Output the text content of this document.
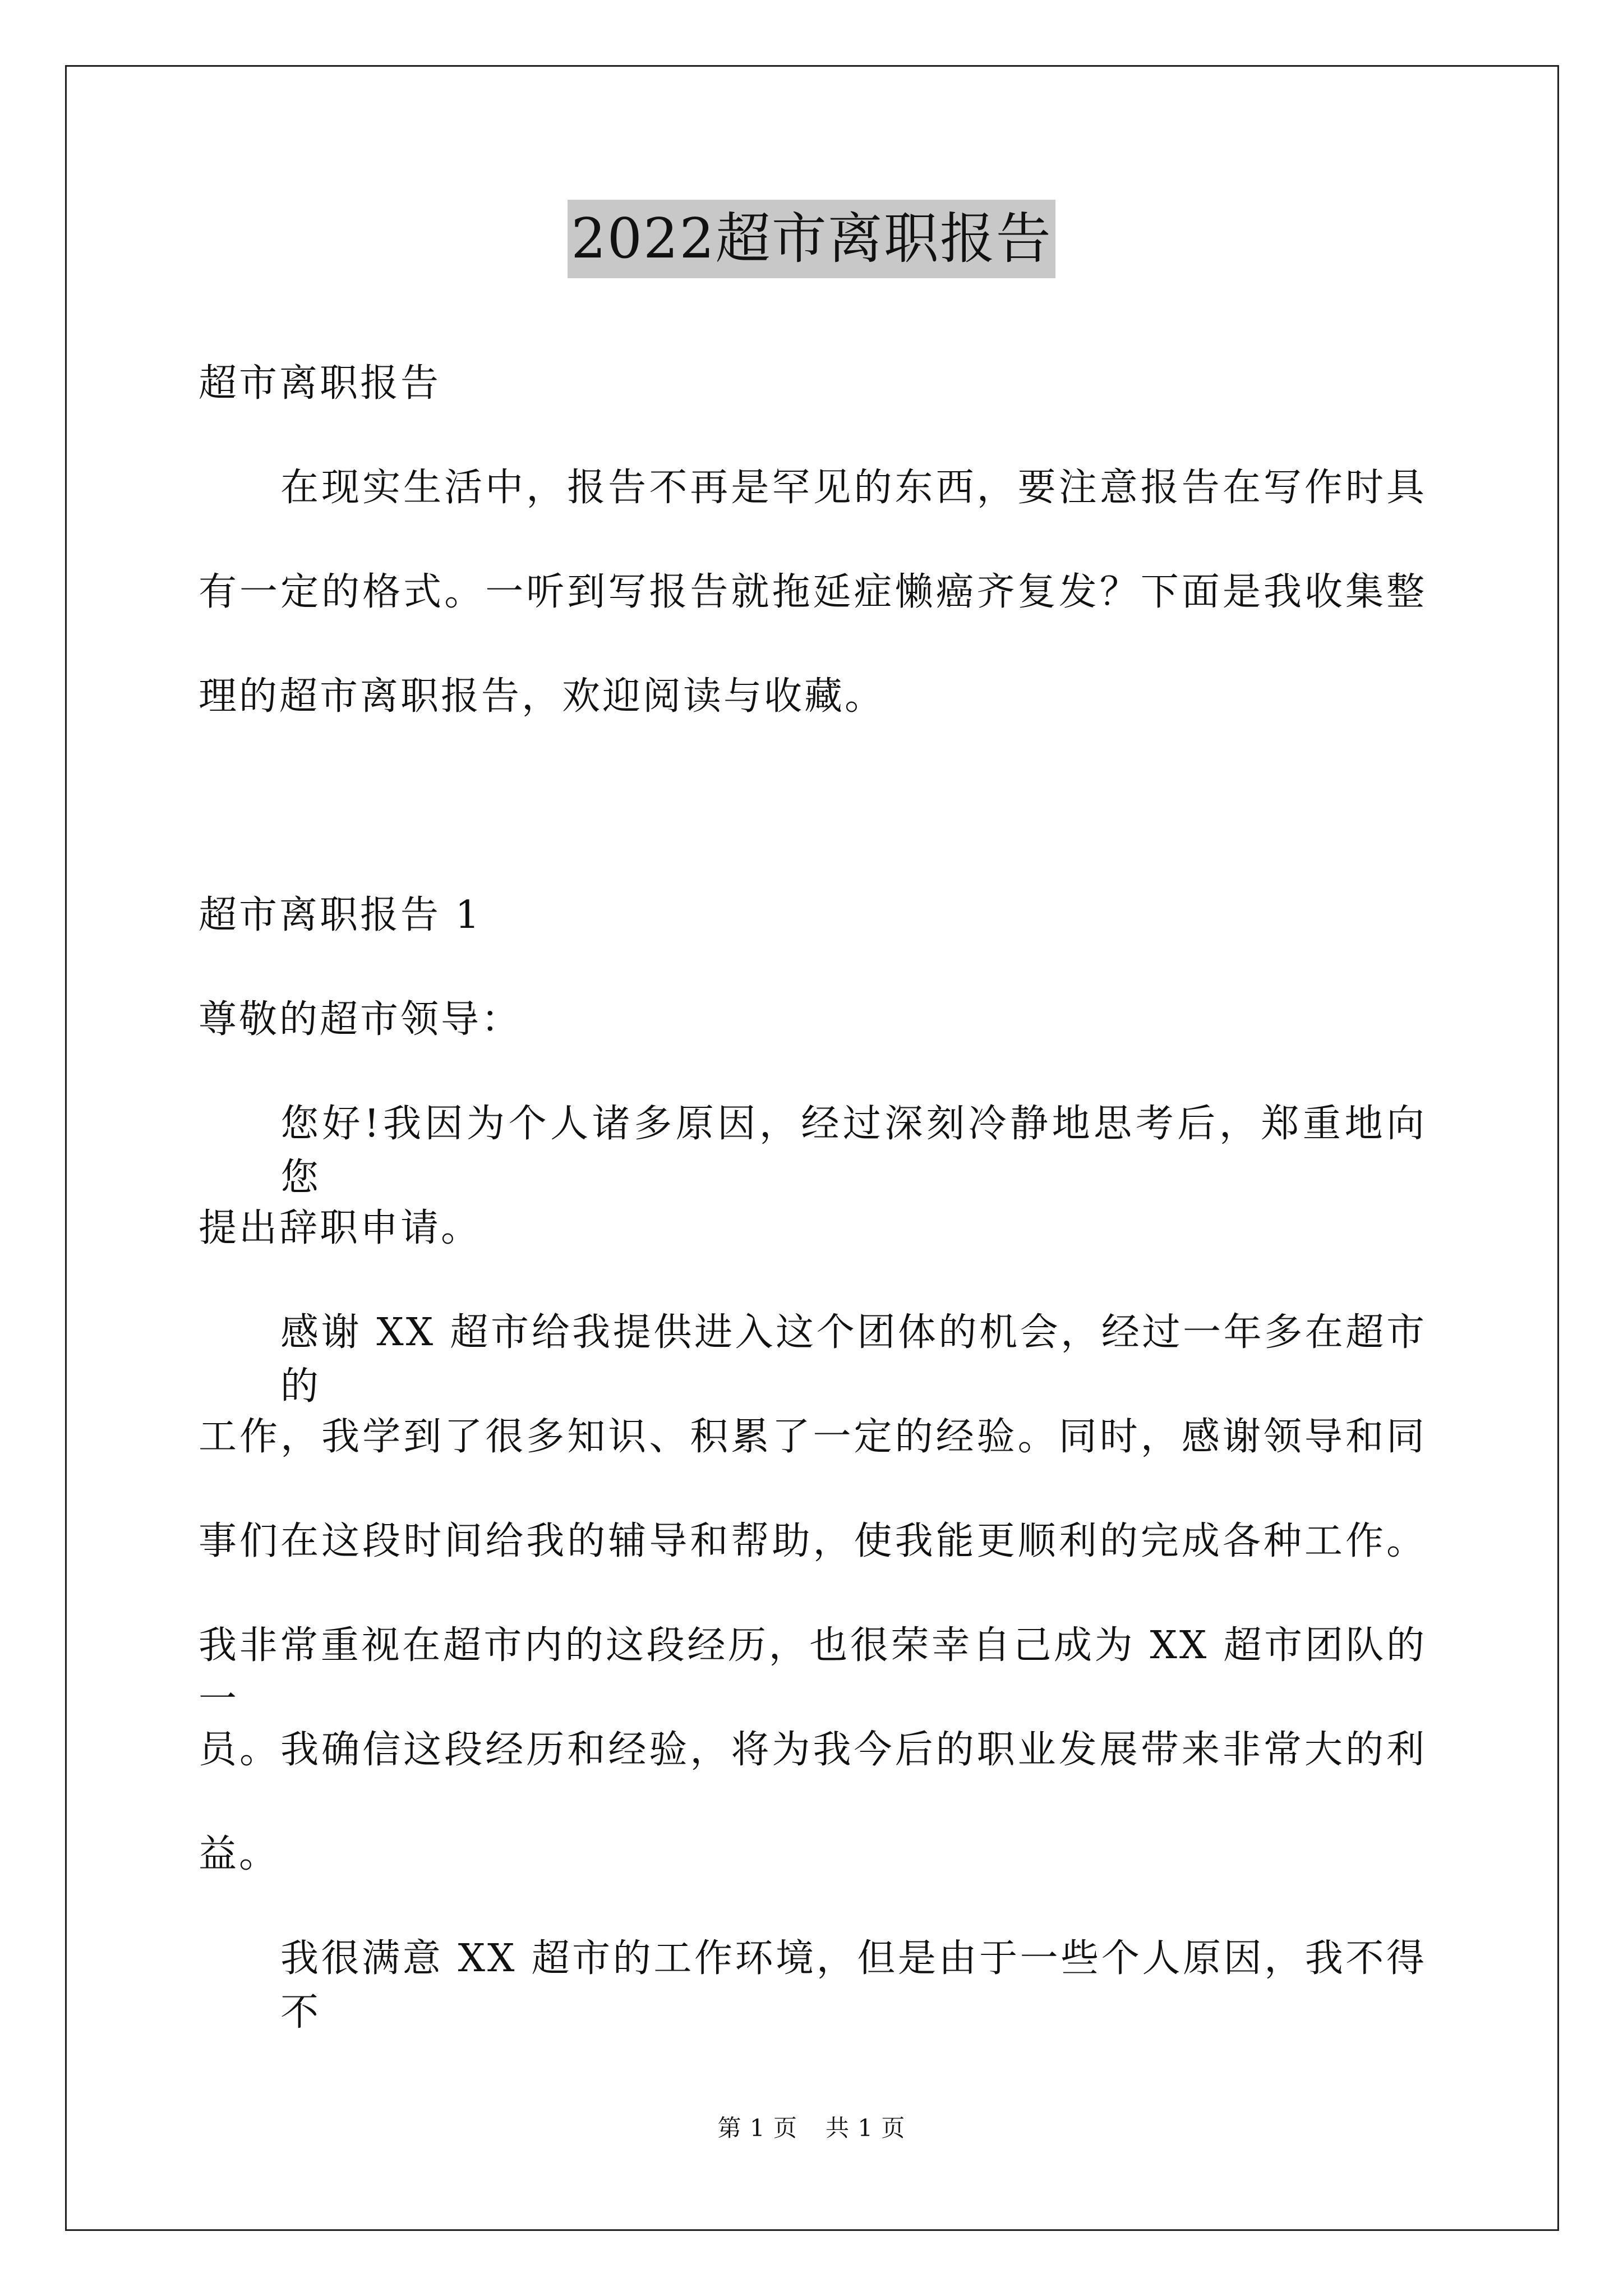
2022超市离职报告
超市离职报告
在现实生活中，报告不再是罕见的东西，要注意报告在写作时具
有一定的格式。一听到写报告就拖延症懒癌齐复发？下面是我收集整
理的超市离职报告，欢迎阅读与收藏。
超市离职报告 1
尊敬的超市领导：
您好!我因为个人诸多原因，经过深刻冷静地思考后，郑重地向您
提出辞职申请。
感谢 XX 超市给我提供进入这个团体的机会，经过一年多在超市的
工作，我学到了很多知识、积累了一定的经验。同时，感谢领导和同
事们在这段时间给我的辅导和帮助，使我能更顺利的完成各种工作。
我非常重视在超市内的这段经历，也很荣幸自己成为 XX 超市团队的一
员。我确信这段经历和经验，将为我今后的职业发展带来非常大的利
益。
我很满意 XX 超市的工作环境，但是由于一些个人原因，我不得不
第 1 页 共 1 页
